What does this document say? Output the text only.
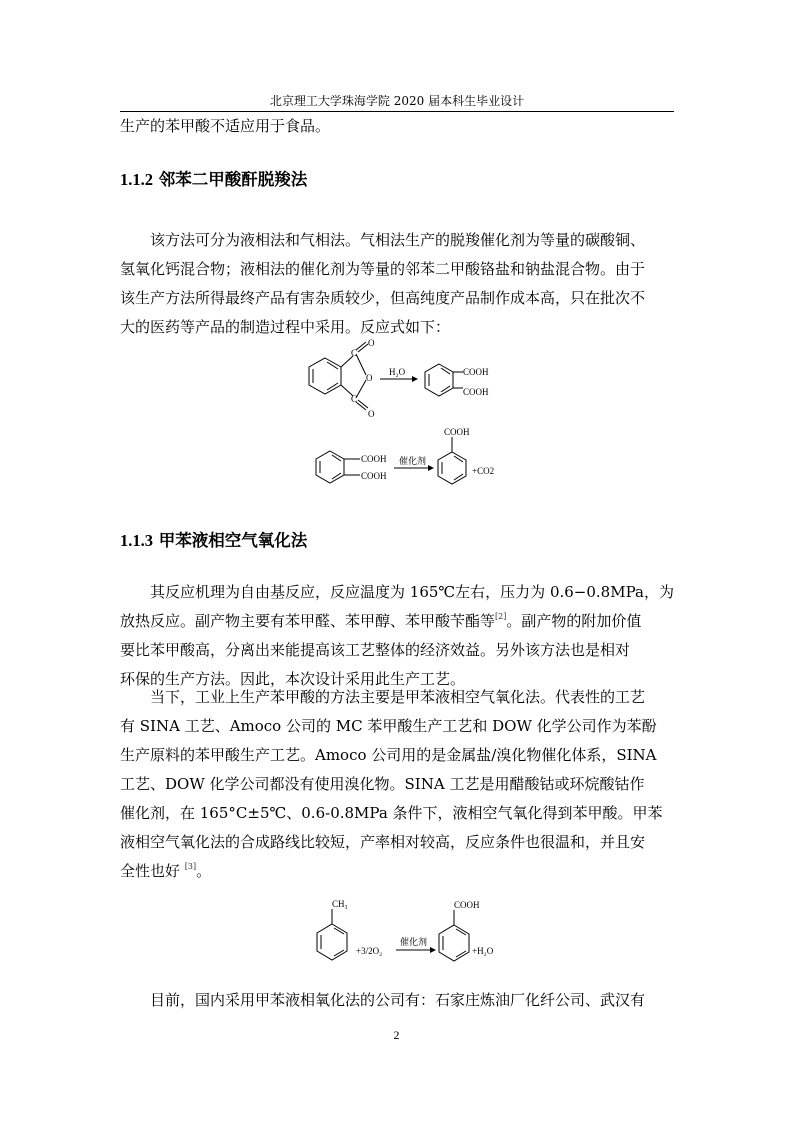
北京理工大学珠海学院 2020 届本科生毕业设计
生产的苯甲酸不适应用于食品。
1.1.2 邻苯二甲酸酐脱羧法
该方法可分为液相法和气相法。气相法生产的脱羧催化剂为等量的碳酸铜、
氢氧化钙混合物；液相法的催化剂为等量的邻苯二甲酸铬盐和钠盐混合物。由于
该生产方法所得最终产品有害杂质较少，但高纯度产品制作成本高，只在批次不
大的医药等产品的制造过程中采用。反应式如下：
O
C
O
C
O
H₂O	COOH
COOH
COOH
COOH
催化剂
COOH
+CO2
1.1.3 甲苯液相空气氧化法
其反应机理为自由基反应，反应温度为 165℃左右，压力为 0.6−0.8MPa，为
放热反应。副产物主要有苯甲醛、苯甲醇、苯甲酸苄酯等[2]。副产物的附加价值
要比苯甲酸高，分离出来能提高该工艺整体的经济效益。另外该方法也是相对
环保的生产方法。因此，本次设计采用此生产工艺。
当下，工业上生产苯甲酸的方法主要是甲苯液相空气氧化法。代表性的工艺
有 SINA 工艺、Amoco 公司的 MC 苯甲酸生产工艺和 DOW 化学公司作为苯酚
生产原料的苯甲酸生产工艺。Amoco 公司用的是金属盐/溴化物催化体系，SINA
工艺、DOW 化学公司都没有使用溴化物。SINA 工艺是用醋酸钴或环烷酸钴作
催化剂，在 165°C±5℃、0.6-0.8MPa 条件下，液相空气氧化得到苯甲酸。甲苯
液相空气氧化法的合成路线比较短，产率相对较高，反应条件也很温和，并且安
全性也好 [3]。
CH₃
+3/2O₂
催化剂
COOH
+H₂O
目前，国内采用甲苯液相氧化法的公司有：石家庄炼油厂化纤公司、武汉有
2
